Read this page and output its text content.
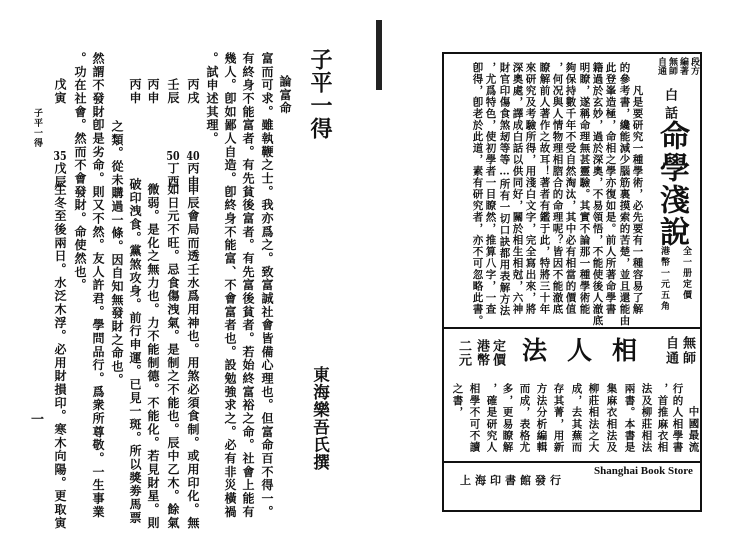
子平一得
東海樂吾氏撰
論富命
富而可求。雖執鞭之士。我亦爲之。致富誠社會皆備心理也。但富命百不得一。
有終身不能富者。有先貧後富者。有先富後貧者。若始終富裕之命。社會上能有
幾人。卽如鄙人自造。卽終身不能富、不會富者也。設勉強求之。必有非災橫禍
。試申述其理。
丙戌
40丙申
申辰會局而透壬水爲用神也。用煞必須食制。或用印化。無
壬辰
50丁酉
如日元不旺。忌食傷洩氣。是制之不能也。辰中乙木。餘氣
丙申
微弱。是化之無力也。力不能制德。不能化。若見財星。則
丙申
破印洩食。黨煞攻身。前行申運。已見一斑。所以獎劵馬票
之類。從未購過一條。因自知無發財之命也。
然謂不發財卽是劣命。則又不然。友人許君。學問品行。爲衆所尊敬。一生事業
。功在社會。然而不會發財。命使然也。
戊寅
35戊辰
生冬至後兩日。水泛木浮。必用財損印。寒木向陽。更取寅
子平一得
一
段方
編著
無師
自通
白話
命學淺說
全一册定價
港幣一元五角
凡是要研究一種學術，必先要有一種容易了解
的參考書，纔能減少腦筋裏摸索的苦楚，並且還能由
此登峯造極，命相之學亦復如是。前人所著命學書
籍過於玄妙，過於深奧，不易領悟，不能使後人澈底
明瞭，遂稱命理無甚靈驗。其實不論那一種學術能
夠保持數千年不受自然淘汰，其中必有相當的價值
，何况與人情物理相脗合的命理呢？皆因不能澈底
瞭解前人著作之故耳！著者有鑑于此，特將三十年
來研究及考驗所得，用淺白文字，完全寫出來，將
深奧處，譯成白話以供同好，關於相生相尅，六神
財官印傷食煞刼等等…所有一切口訣都用表解方法
，尤爲特色，使初學者一目瞭然，推算八字，一查
卽得，卽老於此道，素有研究者，亦不可忽略此書。
無師
自通
相人法
定價
港幣
二元
中國最流
行的人相學書
，首推麻衣相
法及柳莊相法
兩書。本書是
集麻衣相法及
柳莊相法之大
成，去其蕪而
存其菁，用新
方法分析編輯
而成，表格尤
多，更易瞭解
，確是研究人
相學不可不讀
之書，
上海印書館發行
Shanghai Book Store
